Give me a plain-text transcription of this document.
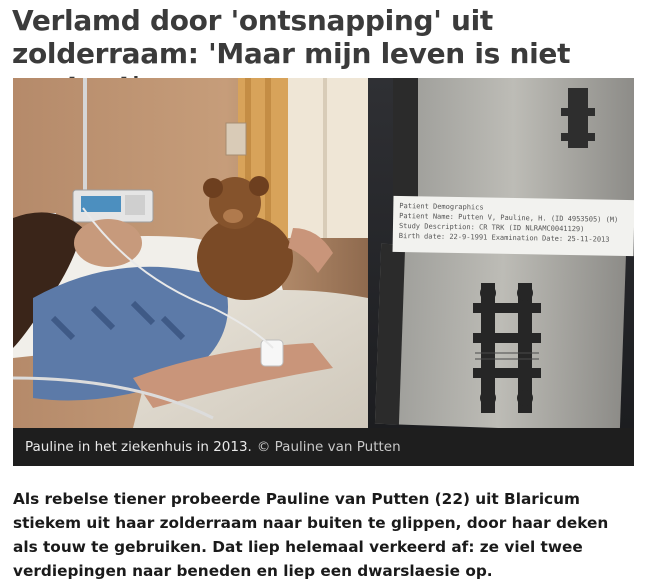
Verlamd door 'ontsnapping' uit zolderraam: 'Maar mijn leven is niet
Patient Demographics
Patient Name: Putten V, Pauline, H. (ID 4953505) (M)
Study Description: CR TRK (ID NLRAMC0041129)
Birth date: 22-9-1991 Examination Date: 25-11-2013
Pauline in het ziekenhuis in 2013. © Pauline van Putten

Als rebelse tiener probeerde Pauline van Putten (22) uit Blaricum stiekem uit haar zolderraam naar buiten te glippen, door haar deken als touw te gebruiken. Dat liep helemaal verkeerd af: ze viel twee verdiepingen naar beneden en liep een dwarslaesie op.
